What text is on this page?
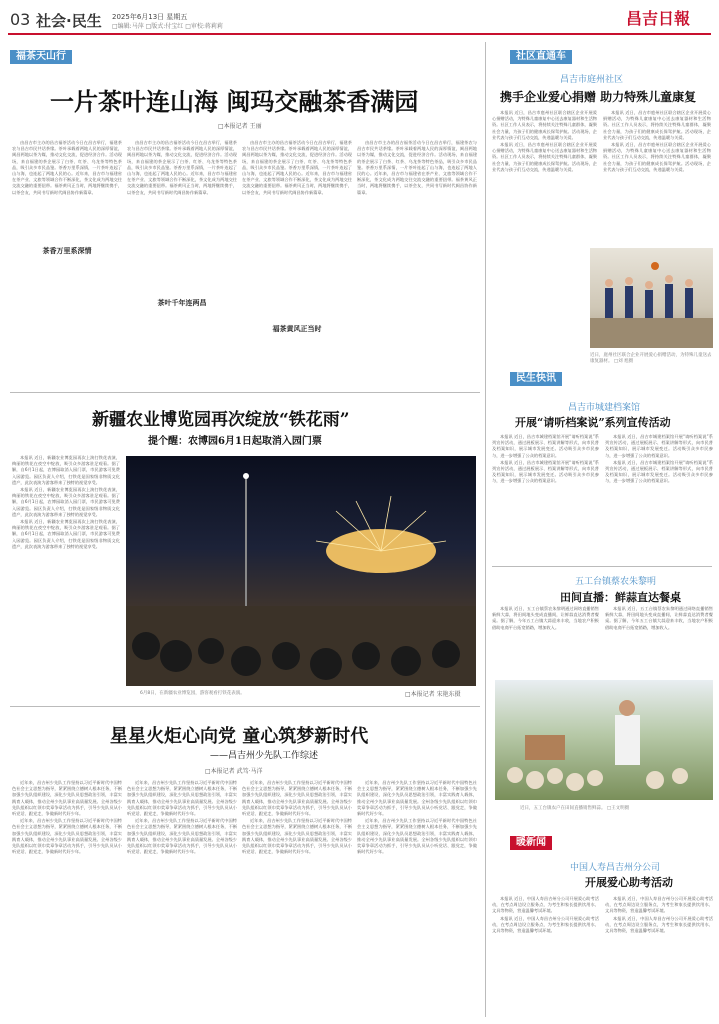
03 社会·民生 2025年6月13日 星期五
□编辑:马萍 □版式:付宝红 □审校:蒋莉莉	昌吉日報
福茶天山行
一片茶叶连山海 闽玛交融茶香满园
□本报记者 王丽

由昌吉市主办的昌吉福茶活动今日在昌吉举行，福建茶农与昌吉市民共话茶缘。茶叶承载着两地人民的深厚情谊，闽昌两地以茶为媒，推动文化交流，促进经济合作。活动现场，来自福建的茶企展示了白茶、红茶、乌龙茶等特色茶品，吸引众多市民品鉴。茶香万里系深情，一片茶叶连起了山与海，也连起了两地人民的心。近年来，昌吉市与福建省在茶产业、文旅等领域合作不断深化，茶文化成为两地交往交流交融的重要纽带。福茶黄风正当时，两地将继续携手，以茶会友，共同书写新时代闽昌协作新篇章。

茶香万里系深情

由昌吉市主办的昌吉福茶活动今日在昌吉举行，福建茶农与昌吉市民共话茶缘。茶叶承载着两地人民的深厚情谊，闽昌两地以茶为媒，推动文化交流，促进经济合作。活动现场，来自福建的茶企展示了白茶、红茶、乌龙茶等特色茶品，吸引众多市民品鉴。茶香万里系深情，一片茶叶连起了山与海，也连起了两地人民的心。近年来，昌吉市与福建省在茶产业、文旅等领域合作不断深化，茶文化成为两地交往交流交融的重要纽带。福茶黄风正当时，两地将继续携手，以茶会友，共同书写新时代闽昌协作新篇章。

茶叶千年连两昌

由昌吉市主办的昌吉福茶活动今日在昌吉举行，福建茶农与昌吉市民共话茶缘。茶叶承载着两地人民的深厚情谊，闽昌两地以茶为媒，推动文化交流，促进经济合作。活动现场，来自福建的茶企展示了白茶、红茶、乌龙茶等特色茶品，吸引众多市民品鉴。茶香万里系深情，一片茶叶连起了山与海，也连起了两地人民的心。近年来，昌吉市与福建省在茶产业、文旅等领域合作不断深化，茶文化成为两地交往交流交融的重要纽带。福茶黄风正当时，两地将继续携手，以茶会友，共同书写新时代闽昌协作新篇章。

福茶黄风正当时

由昌吉市主办的昌吉福茶活动今日在昌吉举行，福建茶农与昌吉市民共话茶缘。茶叶承载着两地人民的深厚情谊，闽昌两地以茶为媒，推动文化交流，促进经济合作。活动现场，来自福建的茶企展示了白茶、红茶、乌龙茶等特色茶品，吸引众多市民品鉴。茶香万里系深情，一片茶叶连起了山与海，也连起了两地人民的心。近年来，昌吉市与福建省在茶产业、文旅等领域合作不断深化，茶文化成为两地交往交流交融的重要纽带。福茶黄风正当时，两地将继续携手，以茶会友，共同书写新时代闽昌协作新篇章。

新疆农业博览园再次绽放“铁花雨”
提个醒：农博园6月1日起取消入园门票

本报讯 近日，新疆农业博览园再次上演打铁花表演，绚丽的铁花在夜空中绽放，吸引众多游客驻足观看。据了解，自6月1日起，农博园取消入园门票，市民游客可免费入园游览。园区负责人介绍，打铁花是国家级非物质文化遗产，此次表演为游客带来了独特的视觉享受。

本报讯 近日，新疆农业博览园再次上演打铁花表演，绚丽的铁花在夜空中绽放，吸引众多游客驻足观看。据了解，自6月1日起，农博园取消入园门票，市民游客可免费入园游览。园区负责人介绍，打铁花是国家级非物质文化遗产，此次表演为游客带来了独特的视觉享受。

本报讯 近日，新疆农业博览园再次上演打铁花表演，绚丽的铁花在夜空中绽放，吸引众多游客驻足观看。据了解，自6月1日起，农博园取消入园门票，市民游客可免费入园游览。园区负责人介绍，打铁花是国家级非物质文化遗产，此次表演为游客带来了独特的视觉享受。

6月8日，在新疆农业博览园，游客观看打铁花表演。	□本报记者 宋艳东摄
星星火炬心向党 童心筑梦新时代
——昌吉州少先队工作综述
□本报记者 武笃·马洋

近年来，昌吉州少先队工作坚持以习近平新时代中国特色社会主义思想为指导，紧紧围绕立德树人根本任务，不断加强少先队组织建设，深化少先队员思想政治引领，丰富实践育人载体，推动全州少先队事业高质量发展。全州各级少先队组织以红领巾奖章争章活动为抓手，引导少先队员从小听党话、跟党走，争做新时代好少年。

近年来，昌吉州少先队工作坚持以习近平新时代中国特色社会主义思想为指导，紧紧围绕立德树人根本任务，不断加强少先队组织建设，深化少先队员思想政治引领，丰富实践育人载体，推动全州少先队事业高质量发展。全州各级少先队组织以红领巾奖章争章活动为抓手，引导少先队员从小听党话、跟党走，争做新时代好少年。

近年来，昌吉州少先队工作坚持以习近平新时代中国特色社会主义思想为指导，紧紧围绕立德树人根本任务，不断加强少先队组织建设，深化少先队员思想政治引领，丰富实践育人载体，推动全州少先队事业高质量发展。全州各级少先队组织以红领巾奖章争章活动为抓手，引导少先队员从小听党话、跟党走，争做新时代好少年。

近年来，昌吉州少先队工作坚持以习近平新时代中国特色社会主义思想为指导，紧紧围绕立德树人根本任务，不断加强少先队组织建设，深化少先队员思想政治引领，丰富实践育人载体，推动全州少先队事业高质量发展。全州各级少先队组织以红领巾奖章争章活动为抓手，引导少先队员从小听党话、跟党走，争做新时代好少年。

近年来，昌吉州少先队工作坚持以习近平新时代中国特色社会主义思想为指导，紧紧围绕立德树人根本任务，不断加强少先队组织建设，深化少先队员思想政治引领，丰富实践育人载体，推动全州少先队事业高质量发展。全州各级少先队组织以红领巾奖章争章活动为抓手，引导少先队员从小听党话、跟党走，争做新时代好少年。

近年来，昌吉州少先队工作坚持以习近平新时代中国特色社会主义思想为指导，紧紧围绕立德树人根本任务，不断加强少先队组织建设，深化少先队员思想政治引领，丰富实践育人载体，推动全州少先队事业高质量发展。全州各级少先队组织以红领巾奖章争章活动为抓手，引导少先队员从小听党话、跟党走，争做新时代好少年。

近年来，昌吉州少先队工作坚持以习近平新时代中国特色社会主义思想为指导，紧紧围绕立德树人根本任务，不断加强少先队组织建设，深化少先队员思想政治引领，丰富实践育人载体，推动全州少先队事业高质量发展。全州各级少先队组织以红领巾奖章争章活动为抓手，引导少先队员从小听党话、跟党走，争做新时代好少年。

近年来，昌吉州少先队工作坚持以习近平新时代中国特色社会主义思想为指导，紧紧围绕立德树人根本任务，不断加强少先队组织建设，深化少先队员思想政治引领，丰富实践育人载体，推动全州少先队事业高质量发展。全州各级少先队组织以红领巾奖章争章活动为抓手，引导少先队员从小听党话、跟党走，争做新时代好少年。

社区直通车
昌吉市庭州社区
携手企业爱心捐赠 助力特殊儿童康复

本报讯 近日，昌吉市庭州社区联合辖区企业开展爱心捐赠活动，为特殊儿童康复中心送去康复器材和生活物资。社区工作人员表示，将持续关注特殊儿童群体，凝聚社会力量，为孩子们的健康成长保驾护航。活动现场，企业代表与孩子们互动交流，传递温暖与关爱。

本报讯 近日，昌吉市庭州社区联合辖区企业开展爱心捐赠活动，为特殊儿童康复中心送去康复器材和生活物资。社区工作人员表示，将持续关注特殊儿童群体，凝聚社会力量，为孩子们的健康成长保驾护航。活动现场，企业代表与孩子们互动交流，传递温暖与关爱。

本报讯 近日，昌吉市庭州社区联合辖区企业开展爱心捐赠活动，为特殊儿童康复中心送去康复器材和生活物资。社区工作人员表示，将持续关注特殊儿童群体，凝聚社会力量，为孩子们的健康成长保驾护航。活动现场，企业代表与孩子们互动交流，传递温暖与关爱。

本报讯 近日，昌吉市庭州社区联合辖区企业开展爱心捐赠活动，为特殊儿童康复中心送去康复器材和生活物资。社区工作人员表示，将持续关注特殊儿童群体，凝聚社会力量，为孩子们的健康成长保驾护航。活动现场，企业代表与孩子们互动交流，传递温暖与关爱。

近日，庭州社区联合企业开展爱心捐赠活动，为特殊儿童送去康复器材。 □刘 旭摄
民生快讯
昌吉市城建档案馆
开展“请听档案说”系列宣传活动

本报讯 近日，昌吉市城建档案馆开展“请听档案说”系列宣传活动，通过展板展示、档案讲解等形式，向市民普及档案知识，展示城市发展变迁。活动吸引众多市民参与，进一步增强了公众的档案意识。

本报讯 近日，昌吉市城建档案馆开展“请听档案说”系列宣传活动，通过展板展示、档案讲解等形式，向市民普及档案知识，展示城市发展变迁。活动吸引众多市民参与，进一步增强了公众的档案意识。

本报讯 近日，昌吉市城建档案馆开展“请听档案说”系列宣传活动，通过展板展示、档案讲解等形式，向市民普及档案知识，展示城市发展变迁。活动吸引众多市民参与，进一步增强了公众的档案意识。

本报讯 近日，昌吉市城建档案馆开展“请听档案说”系列宣传活动，通过展板展示、档案讲解等形式，向市民普及档案知识，展示城市发展变迁。活动吸引众多市民参与，进一步增强了公众的档案意识。

五工台镇蔡农朱黎明
田间直播：鲜蒜直达餐桌

本报讯 近日，五工台镇蔡农朱黎明通过网络直播销售新鲜大蒜，将田间地头变成直播间，让鲜蒜直达消费者餐桌。据了解，今年五工台镇大蒜迎来丰收，当地农户积极借助电商平台拓宽销路，增加收入。

本报讯 近日，五工台镇蔡农朱黎明通过网络直播销售新鲜大蒜，将田间地头变成直播间，让鲜蒜直达消费者餐桌。据了解，今年五工台镇大蒜迎来丰收，当地农户积极借助电商平台拓宽销路，增加收入。

近日，五工台镇农户在田间直播销售鲜蒜。 □王文明摄
暖新闻
中国人寿昌吉州分公司
开展爱心助考活动

本报讯 近日，中国人寿昌吉州分公司开展爱心助考活动，在考点周边设立服务点，为考生和家长提供饮用水、文具等物资，营造温馨考试环境。

本报讯 近日，中国人寿昌吉州分公司开展爱心助考活动，在考点周边设立服务点，为考生和家长提供饮用水、文具等物资，营造温馨考试环境。

本报讯 近日，中国人寿昌吉州分公司开展爱心助考活动，在考点周边设立服务点，为考生和家长提供饮用水、文具等物资，营造温馨考试环境。

本报讯 近日，中国人寿昌吉州分公司开展爱心助考活动，在考点周边设立服务点，为考生和家长提供饮用水、文具等物资，营造温馨考试环境。
